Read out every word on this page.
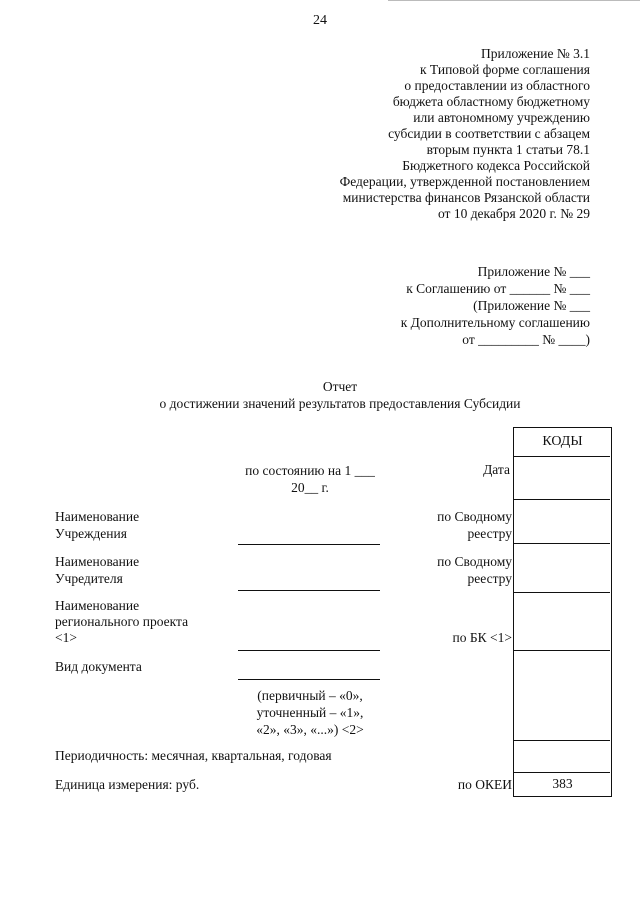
24
Приложение № 3.1
к Типовой форме соглашения
о предоставлении из областного
бюджета областному бюджетному
или автономному учреждению
субсидии в соответствии с абзацем
вторым пункта 1 статьи 78.1
Бюджетного кодекса Российской
Федерации, утвержденной постановлением
министерства финансов Рязанской области
от 10 декабря 2020 г. № 29
Приложение № ___
к Соглашению от ______ № ___
(Приложение № ___
к Дополнительному соглашению
от _________ № ____)
Отчет
о достижении значений результатов предоставления Субсидии
КОДЫ
383
по состоянию на 1 ___
20__ г.
Дата
по Сводному
реестру
по Сводному
реестру
по БК <1>
по ОКЕИ
Наименование
Учреждения
Наименование
Учредителя
Наименование
регионального проекта
<1>
Вид документа
(первичный – «0»,
уточненный – «1»,
«2», «3», «...») <2>
Периодичность: месячная, квартальная, годовая
Единица измерения: руб.
